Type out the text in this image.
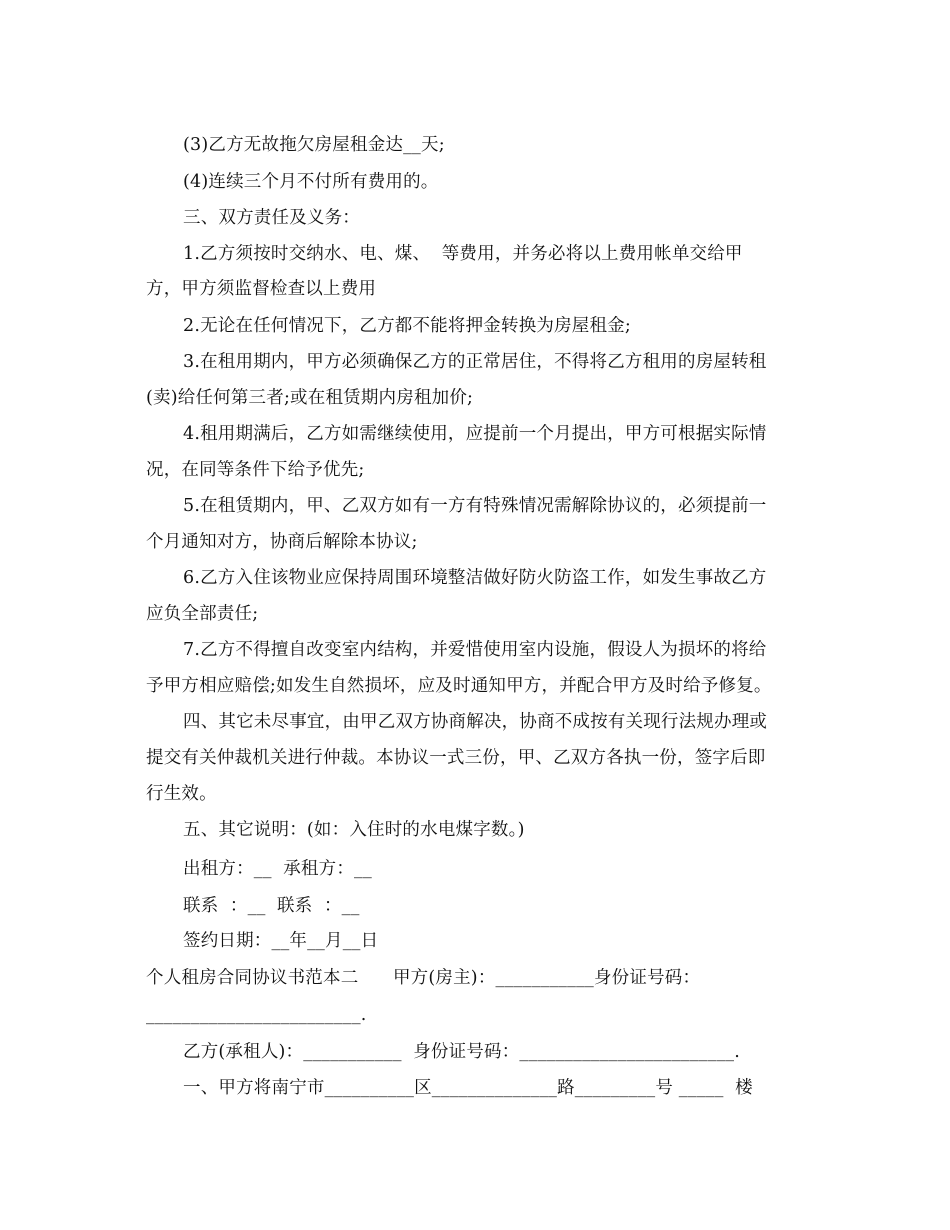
(3)乙方无故拖欠房屋租金达__天;
(4)连续三个月不付所有费用的。
三、双方责任及义务：
1.乙方须按时交纳水、电、煤、  等费用，并务必将以上费用帐单交给甲
方，甲方须监督检查以上费用
2.无论在任何情况下，乙方都不能将押金转换为房屋租金;
3.在租用期内，甲方必须确保乙方的正常居住，不得将乙方租用的房屋转租
(卖)给任何第三者;或在租赁期内房租加价;
4.租用期满后，乙方如需继续使用，应提前一个月提出，甲方可根据实际情
况，在同等条件下给予优先;
5.在租赁期内，甲、乙双方如有一方有特殊情况需解除协议的，必须提前一
个月通知对方，协商后解除本协议;
6.乙方入住该物业应保持周围环境整洁做好防火防盗工作，如发生事故乙方
应负全部责任;
7.乙方不得擅自改变室内结构，并爱惜使用室内设施，假设人为损坏的将给
予甲方相应赔偿;如发生自然损坏，应及时通知甲方，并配合甲方及时给予修复。
四、其它未尽事宜，由甲乙双方协商解决，协商不成按有关现行法规办理或
提交有关仲裁机关进行仲裁。本协议一式三份，甲、乙双方各执一份，签字后即
行生效。
五、其它说明：(如：入住时的水电煤字数。)
出租方：__  承租方：__
联系  ：__  联系  ：__
签约日期：__年__月__日
个人租房合同协议书范本二      甲方(房主)：___________身份证号码：
________________________.
乙方(承租人)：___________  身份证号码：________________________.
一、甲方将南宁市__________区______________路_________号 _____  楼
